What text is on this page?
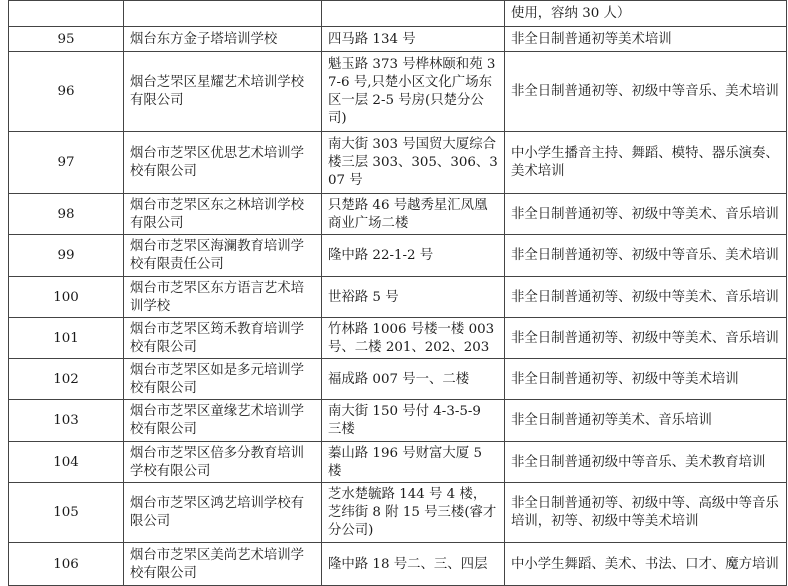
			使用，容纳 30 人）
95	烟台东方金子塔培训学校	四马路 134 号	非全日制普通初等美术培训
96	烟台芝罘区星耀艺术培训学校有限公司	魁玉路 373 号桦林颐和苑 37-6 号,只楚小区文化广场东区一层 2-5 号房(只楚分公司)	非全日制普通初等、初级中等音乐、美术培训
97	烟台市芝罘区优思艺术培训学校有限公司	南大街 303 号国贸大厦综合楼三层 303、305、306、307 号	中小学生播音主持、舞蹈、模特、器乐演奏、美术培训
98	烟台市芝罘区东之林培训学校有限公司	只楚路 46 号越秀星汇凤凰商业广场二楼	非全日制普通初等、初级中等美术、音乐培训
99	烟台市芝罘区海澜教育培训学校有限责任公司	隆中路 22-1-2 号	非全日制普通初等、初级中等音乐、美术培训
100	烟台市芝罘区东方语言艺术培训学校	世裕路 5 号	非全日制普通初等、初级中等美术、音乐培训
101	烟台市芝罘区筠禾教育培训学校有限公司	竹林路 1006 号楼一楼 003 号、二楼 201、202、203	非全日制普通初等、初级中等美术、音乐培训
102	烟台市芝罘区如是多元培训学校有限公司	福成路 007 号一、二楼	非全日制普通初等、初级中等美术培训
103	烟台市芝罘区童缘艺术培训学校有限公司	南大街 150 号付 4-3-5-9 三楼	非全日制普通初等美术、音乐培训
104	烟台市芝罘区倍多分教育培训学校有限公司	蓁山路 196 号财富大厦 5 楼	非全日制普通初级中等音乐、美术教育培训
105	烟台市芝罘区鸿艺培训学校有限公司	芝水楚毓路 144 号 4 楼，芝纬街 8 附 15 号三楼(睿才分公司)	非全日制普通初等、初级中等、高级中等音乐培训，初等、初级中等美术培训
106	烟台市芝罘区美尚艺术培训学校有限公司	隆中路 18 号二、三、四层	中小学生舞蹈、美术、书法、口才、魔方培训
